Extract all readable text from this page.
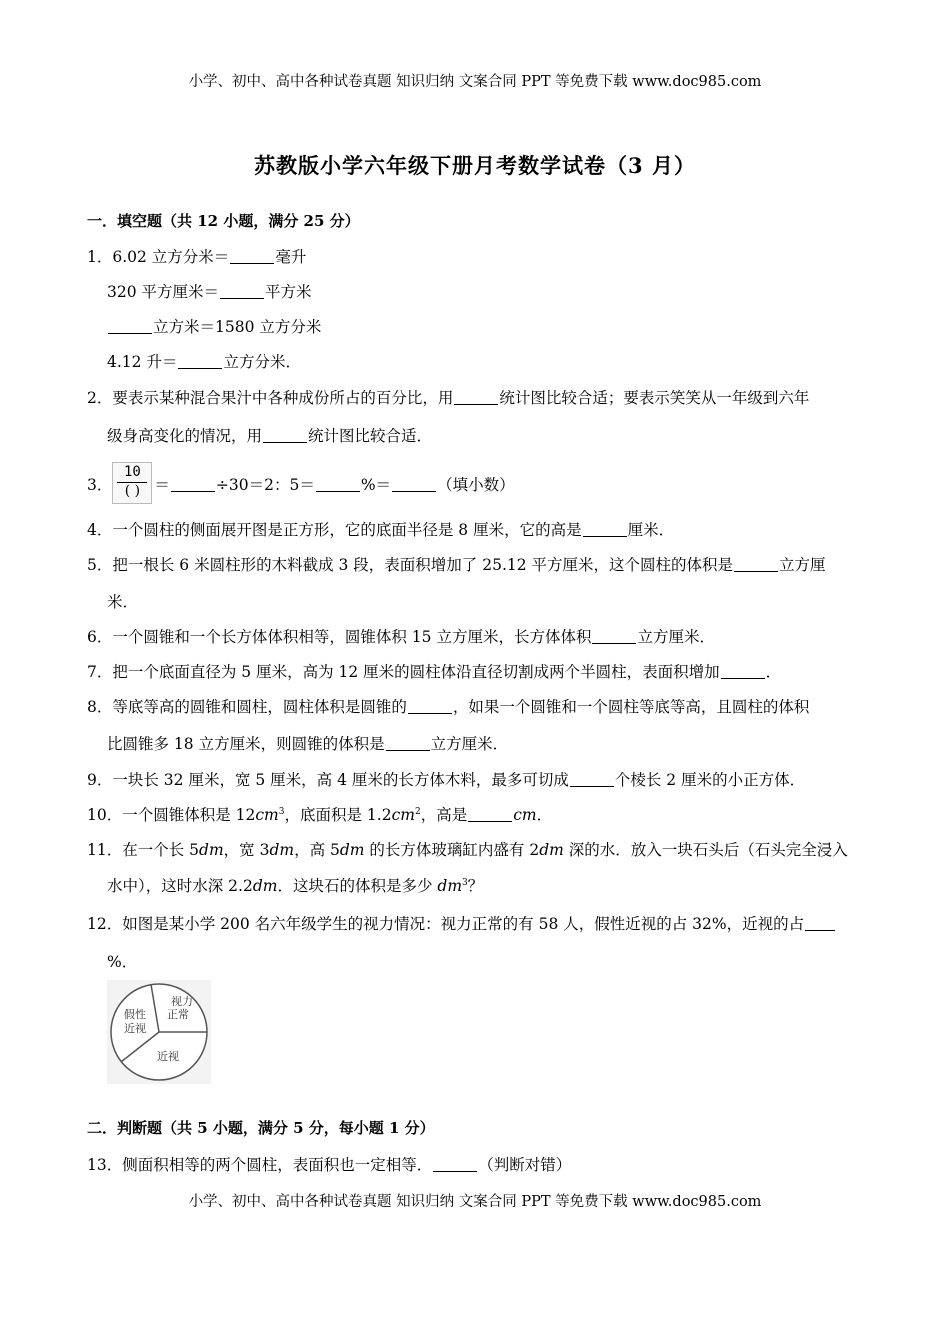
小学、初中、高中各种试卷真题 知识归纳 文案合同 PPT 等免费下载 www.doc985.com
苏教版小学六年级下册月考数学试卷（3 月）
一．填空题（共 12 小题，满分 25 分）
1．6.02 立方分米＝	毫升
320 平方厘米＝	平方米
立方米＝1580 立方分米
4.12 升＝	立方分米．
2．要表示某种混合果汁中各种成份所占的百分比，用	统计图比较合适；要表示笑笑从一年级到六年
级身高变化的情况，用	统计图比较合适．
3． $\frac{10}{( )}$ ＝	÷30＝2：5＝	%＝	（填小数）
4．一个圆柱的侧面展开图是正方形，它的底面半径是 8 厘米，它的高是	厘米．
5．把一根长 6 米圆柱形的木料截成 3 段，表面积增加了 25.12 平方厘米，这个圆柱的体积是	立方厘
米．
6．一个圆锥和一个长方体体积相等，圆锥体积 15 立方厘米，长方体体积	立方厘米．
7．把一个底面直径为 5 厘米，高为 12 厘米的圆柱体沿直径切割成两个半圆柱，表面积增加	．
8．等底等高的圆锥和圆柱，圆柱体积是圆锥的	，如果一个圆锥和一个圆柱等底等高，且圆柱的体积
比圆锥多 18 立方厘米，则圆锥的体积是	立方厘米．
9．一块长 32 厘米，宽 5 厘米，高 4 厘米的长方体木料，最多可切成	个棱长 2 厘米的小正方体．
10．一个圆锥体积是 $12cm^3$，底面积是 $1.2cm^2$，高是	cm．
11．在一个长 5dm，宽 3dm，高 5dm 的长方体玻璃缸内盛有 2dm 深的水．放入一块石头后（石头完全浸入
水中），这时水深 2.2dm．这块石的体积是多少 $dm^3$？
12．如图是某小学 200 名六年级学生的视力情况：视力正常的有 58 人，假性近视的占 32%，近视的占
%．
视力
正常
假性
近视
近视
二．判断题（共 5 小题，满分 5 分，每小题 1 分）
13．侧面积相等的两个圆柱，表面积也一定相等．	（判断对错）
小学、初中、高中各种试卷真题 知识归纳 文案合同 PPT 等免费下载 www.doc985.com
